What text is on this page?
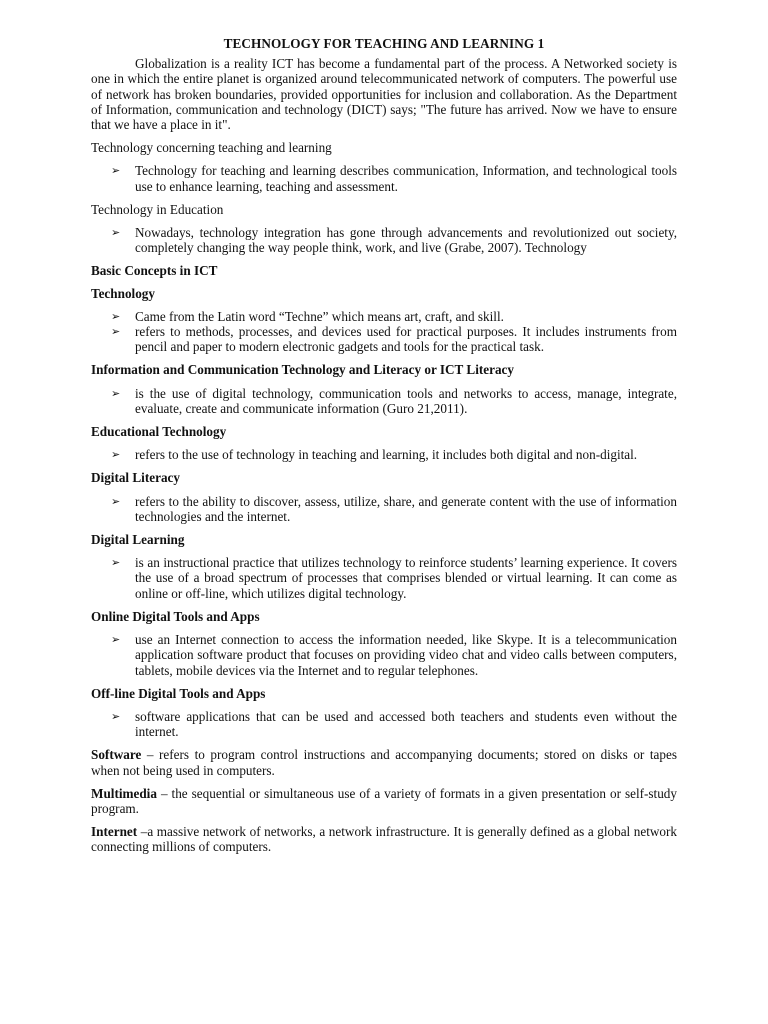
TECHNOLOGY FOR TEACHING AND LEARNING 1

Globalization is a reality ICT has become a fundamental part of the process. A Networked society is one in which the entire planet is organized around telecommunicated network of computers. The powerful use of network has broken boundaries, provided opportunities for inclusion and collaboration. As the Department of Information, communication and technology (DICT) says; "The future has arrived. Now we have to ensure that we have a place in it".

Technology concerning teaching and learning

➢ Technology for teaching and learning describes communication, Information, and technological tools use to enhance learning, teaching and assessment.

Technology in Education

➢ Nowadays, technology integration has gone through advancements and revolutionized out society, completely changing the way people think, work, and live (Grabe, 2007). Technology

Basic Concepts in ICT

Technology

➢ Came from the Latin word “Techne” which means art, craft, and skill.
➢ refers to methods, processes, and devices used for practical purposes. It includes instruments from pencil and paper to modern electronic gadgets and tools for the practical task.

Information and Communication Technology and Literacy or ICT Literacy

➢ is the use of digital technology, communication tools and networks to access, manage, integrate, evaluate, create and communicate information (Guro 21,2011).

Educational Technology

➢ refers to the use of technology in teaching and learning, it includes both digital and non-digital.

Digital Literacy

➢ refers to the ability to discover, assess, utilize, share, and generate content with the use of information technologies and the internet.

Digital Learning

➢ is an instructional practice that utilizes technology to reinforce students’ learning experience. It covers the use of a broad spectrum of processes that comprises blended or virtual learning. It can come as online or off-line, which utilizes digital technology.

Online Digital Tools and Apps

➢ use an Internet connection to access the information needed, like Skype. It is a telecommunication application software product that focuses on providing video chat and video calls between computers, tablets, mobile devices via the Internet and to regular telephones.

Off-line Digital Tools and Apps

➢ software applications that can be used and accessed both teachers and students even without the internet.

Software – refers to program control instructions and accompanying documents; stored on disks or tapes when not being used in computers.

Multimedia – the sequential or simultaneous use of a variety of formats in a given presentation or self-study program.

Internet –a massive network of networks, a network infrastructure. It is generally defined as a global network connecting millions of computers.
